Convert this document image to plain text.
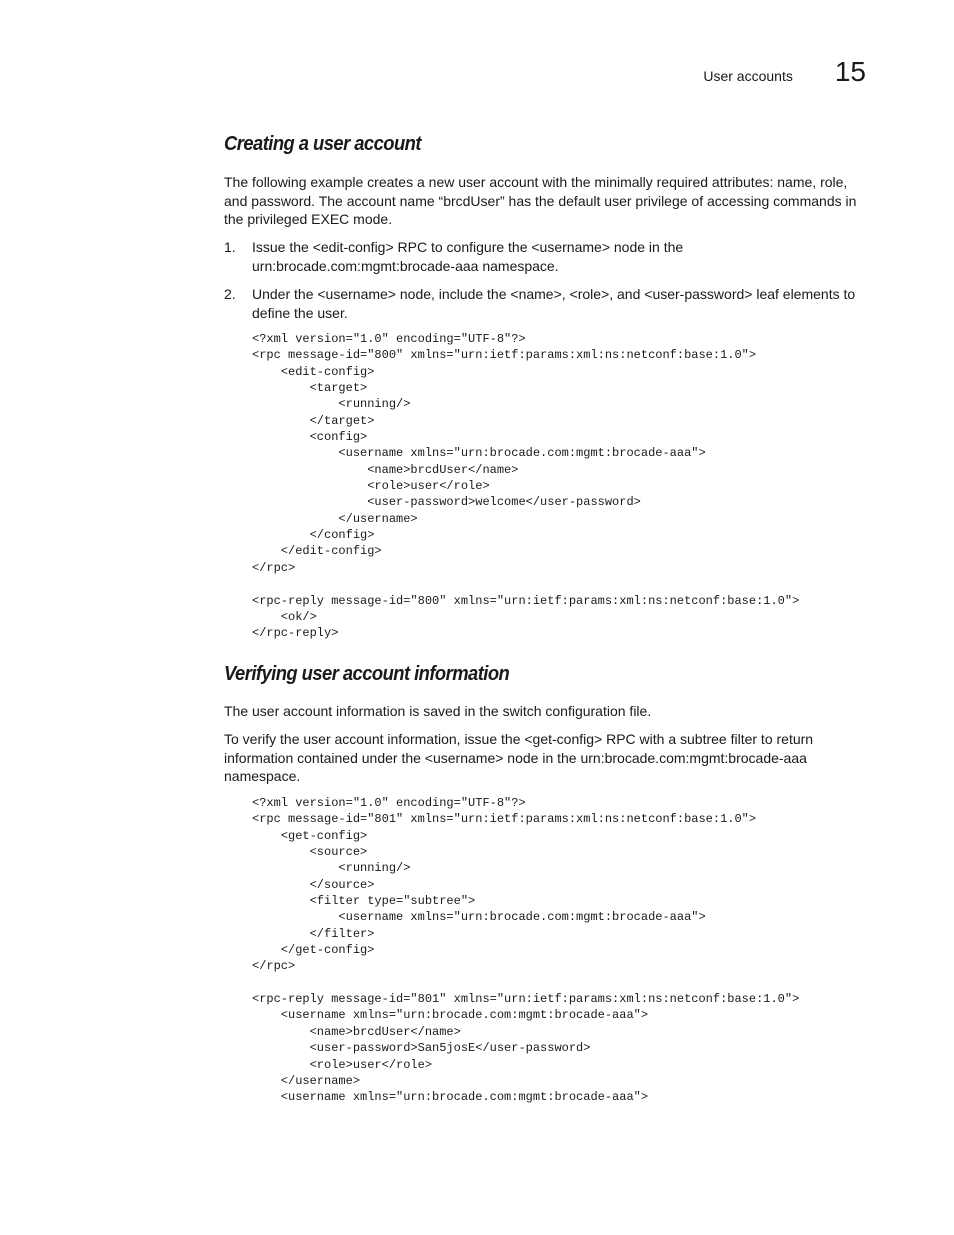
User accounts 15
Creating a user account

The following example creates a new user account with the minimally required attributes: name, role, and password. The account name “brcdUser” has the default user privilege of accessing commands in the privileged EXEC mode.

1. Issue the <edit-config> RPC to configure the <username> node in the urn:brocade.com:mgmt:brocade-aaa namespace.
2. Under the <username> node, include the <name>, <role>, and <user-password> leaf elements to define the user.
<?xml version="1.0" encoding="UTF-8"?>
<rpc message-id="800" xmlns="urn:ietf:params:xml:ns:netconf:base:1.0">
<edit-config>
<target>
<running/>
</target>
<config>
<username xmlns="urn:brocade.com:mgmt:brocade-aaa">
<name>brcdUser</name>
<role>user</role>
<user-password>welcome</user-password>
</username>
</config>
</edit-config>
</rpc>

<rpc-reply message-id="800" xmlns="urn:ietf:params:xml:ns:netconf:base:1.0">
<ok/>
</rpc-reply>
Verifying user account information

The user account information is saved in the switch configuration file.

To verify the user account information, issue the <get-config> RPC with a subtree filter to return information contained under the <username> node in the urn:brocade.com:mgmt:brocade-aaa namespace.

<?xml version="1.0" encoding="UTF-8"?>
<rpc message-id="801" xmlns="urn:ietf:params:xml:ns:netconf:base:1.0">
<get-config>
<source>
<running/>
</source>
<filter type="subtree">
<username xmlns="urn:brocade.com:mgmt:brocade-aaa">
</filter>
</get-config>
</rpc>

<rpc-reply message-id="801" xmlns="urn:ietf:params:xml:ns:netconf:base:1.0">
<username xmlns="urn:brocade.com:mgmt:brocade-aaa">
<name>brcdUser</name>
<user-password>San5josE</user-password>
<role>user</role>
</username>
<username xmlns="urn:brocade.com:mgmt:brocade-aaa">
